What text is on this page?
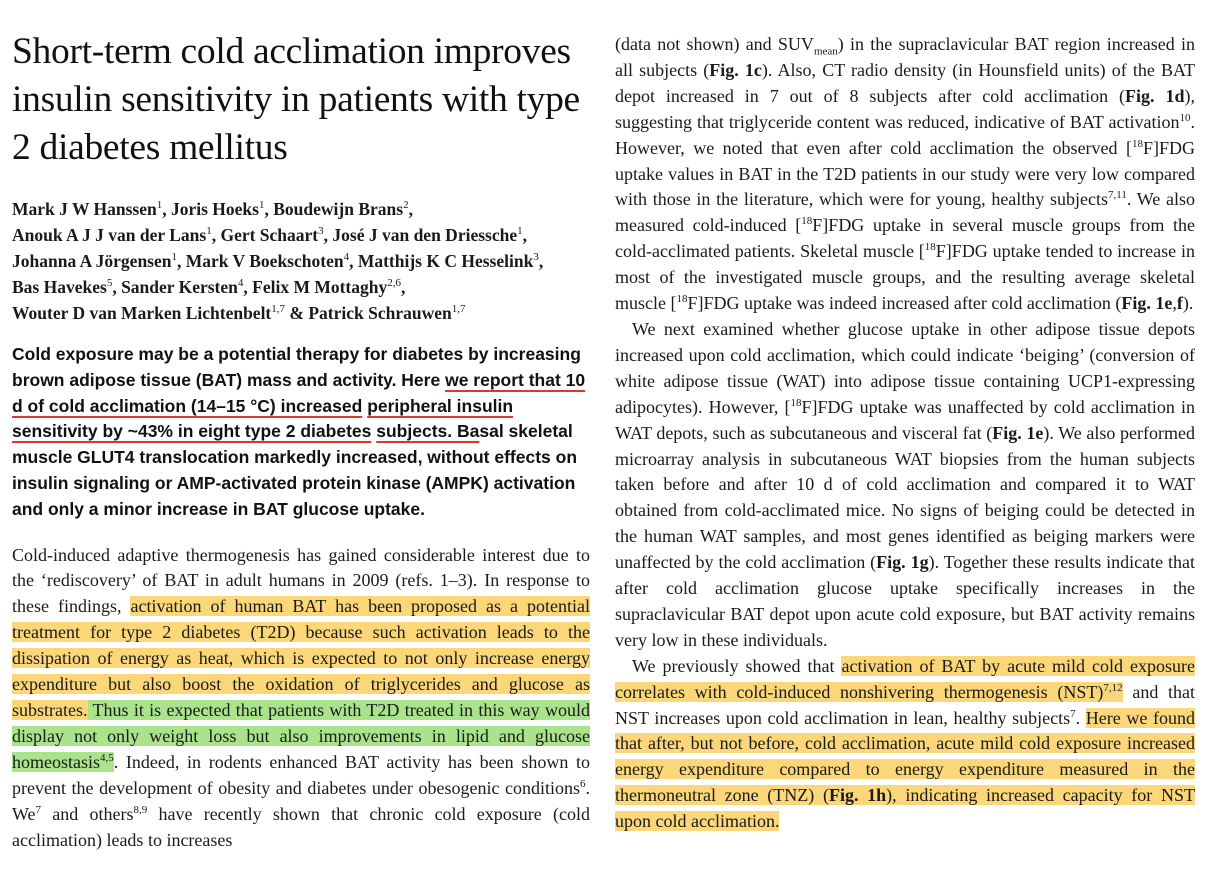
Short-term cold acclimation improves insulin sensitivity in patients with type 2 diabetes mellitus
Mark J W Hanssen$^1$, Joris Hoeks$^1$, Boudewijn Brans$^2$,
Anouk A J J van der Lans$^1$, Gert Schaart$^3$, José J van den Driessche$^1$,
Johanna A Jörgensen$^1$, Mark V Boekschoten$^4$, Matthijs K C Hesselink$^3$,
Bas Havekes$^5$, Sander Kersten$^4$, Felix M Mottaghy$^{2,6}$,
Wouter D van Marken Lichtenbelt$^{1,7}$ & Patrick Schrauwen$^{1,7}$
Cold exposure may be a potential therapy for diabetes by increasing brown adipose tissue (BAT) mass and activity. Here we report that 10 d of cold acclimation (14–15 °C) increased peripheral insulin sensitivity by ~43% in eight type 2 diabetes subjects. Basal skeletal muscle GLUT4 translocation markedly increased, without effects on insulin signaling or AMP-activated protein kinase (AMPK) activation and only a minor increase in BAT glucose uptake.

Cold-induced adaptive thermogenesis has gained considerable interest due to the ‘rediscovery’ of BAT in adult humans in 2009 (refs. 1–3). In response to these findings, activation of human BAT has been proposed as a potential treatment for type 2 diabetes (T2D) because such activation leads to the dissipation of energy as heat, which is expected to not only increase energy expenditure but also boost the oxidation of triglycerides and glucose as substrates. Thus it is expected that patients with T2D treated in this way would display not only weight loss but also improvements in lipid and glucose homeostasis$^{4,5}$. Indeed, in rodents enhanced BAT activity has been shown to prevent the development of obesity and diabetes under obesogenic conditions$^6$. We$^7$ and others$^{8,9}$ have recently shown that chronic cold exposure (cold acclimation) leads to increases

(data not shown) and $SUV_{mean}$) in the supraclavicular BAT region increased in all subjects (Fig. 1c). Also, CT radio density (in Hounsfield units) of the BAT depot increased in 7 out of 8 subjects after cold acclimation (Fig. 1d), suggesting that triglyceride content was reduced, indicative of BAT activation$^{10}$. However, we noted that even after cold acclimation the observed [$^{18}$F]FDG uptake values in BAT in the T2D patients in our study were very low compared with those in the literature, which were for young, healthy subjects$^{7,11}$. We also measured cold-induced [$^{18}$F]FDG uptake in several muscle groups from the cold-acclimated patients. Skeletal muscle [$^{18}$F]FDG uptake tended to increase in most of the investigated muscle groups, and the resulting average skeletal muscle [$^{18}$F]FDG uptake was indeed increased after cold acclimation (Fig. 1e,f).

We next examined whether glucose uptake in other adipose tissue depots increased upon cold acclimation, which could indicate ‘beiging’ (conversion of white adipose tissue (WAT) into adipose tissue containing UCP1-expressing adipocytes). However, [$^{18}$F]FDG uptake was unaffected by cold acclimation in WAT depots, such as subcutaneous and visceral fat (Fig. 1e). We also performed microarray analysis in subcutaneous WAT biopsies from the human subjects taken before and after 10 d of cold acclimation and compared it to WAT obtained from cold-acclimated mice. No signs of beiging could be detected in the human WAT samples, and most genes identified as beiging markers were unaffected by the cold acclimation (Fig. 1g). Together these results indicate that after cold acclimation glucose uptake specifically increases in the supraclavicular BAT depot upon acute cold exposure, but BAT activity remains very low in these individuals.

We previously showed that activation of BAT by acute mild cold exposure correlates with cold-induced nonshivering thermogenesis (NST)$^{7,12}$ and that NST increases upon cold acclimation in lean, healthy subjects$^7$. Here we found that after, but not before, cold acclimation, acute mild cold exposure increased energy expenditure compared to energy expenditure measured in the thermoneutral zone (TNZ) (Fig. 1h), indicating increased capacity for NST upon cold acclimation.
